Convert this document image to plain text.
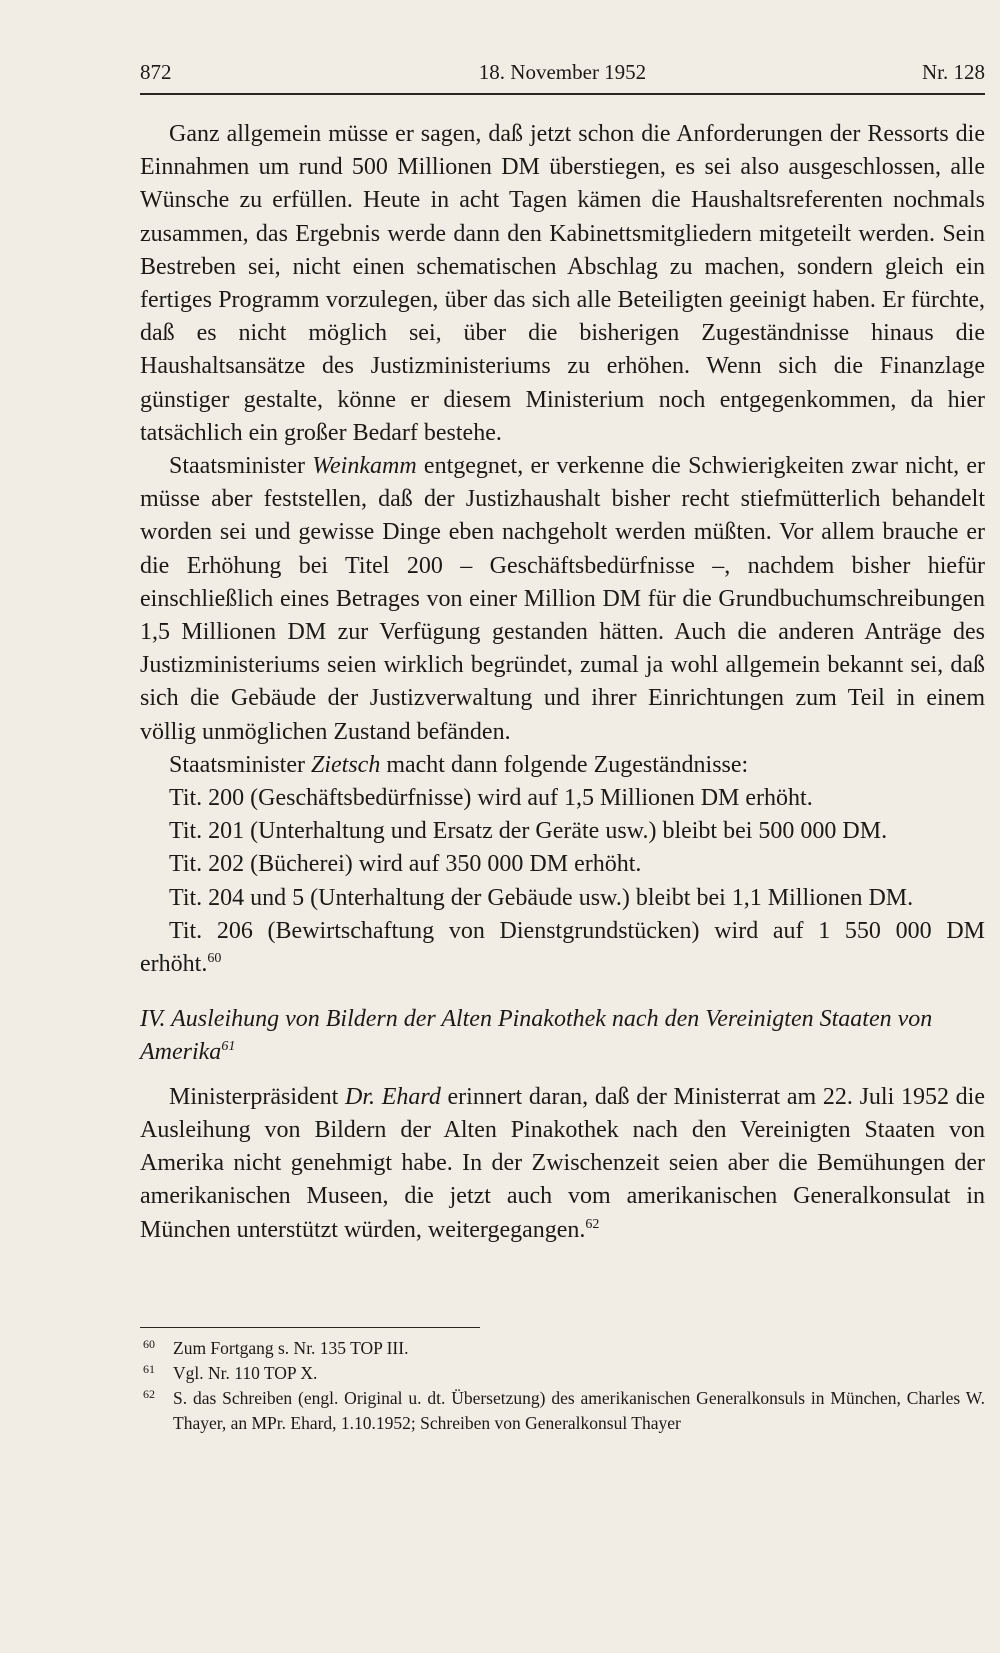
872	18. November 1952	Nr. 128

Ganz allgemein müsse er sagen, daß jetzt schon die Anforderungen der Ressorts die Einnahmen um rund 500 Millionen DM überstiegen, es sei also ausgeschlossen, alle Wünsche zu erfüllen. Heute in acht Tagen kämen die Haushaltsreferenten nochmals zusammen, das Ergebnis werde dann den Kabinettsmitgliedern mitgeteilt werden. Sein Bestreben sei, nicht einen schematischen Abschlag zu machen, sondern gleich ein fertiges Programm vorzulegen, über das sich alle Beteiligten geeinigt haben. Er fürchte, daß es nicht möglich sei, über die bisherigen Zugeständnisse hinaus die Haushaltsansätze des Justizministeriums zu erhöhen. Wenn sich die Finanzlage günstiger gestalte, könne er diesem Ministerium noch entgegenkommen, da hier tatsächlich ein großer Bedarf bestehe.

Staatsminister Weinkamm entgegnet, er verkenne die Schwierigkeiten zwar nicht, er müsse aber feststellen, daß der Justizhaushalt bisher recht stiefmütterlich behandelt worden sei und gewisse Dinge eben nachgeholt werden müßten. Vor allem brauche er die Erhöhung bei Titel 200 – Geschäftsbedürfnisse –, nachdem bisher hiefür einschließlich eines Betrages von einer Million DM für die Grundbuchumschreibungen 1,5 Millionen DM zur Verfügung gestanden hätten. Auch die anderen Anträge des Justizministeriums seien wirklich begründet, zumal ja wohl allgemein bekannt sei, daß sich die Gebäude der Justizverwaltung und ihrer Einrichtungen zum Teil in einem völlig unmöglichen Zustand befänden.

Staatsminister Zietsch macht dann folgende Zugeständnisse:

Tit. 200 (Geschäftsbedürfnisse) wird auf 1,5 Millionen DM erhöht.
Tit. 201 (Unterhaltung und Ersatz der Geräte usw.) bleibt bei 500 000 DM.
Tit. 202 (Bücherei) wird auf 350 000 DM erhöht.
Tit. 204 und 5 (Unterhaltung der Gebäude usw.) bleibt bei 1,1 Millionen DM.
Tit. 206 (Bewirtschaftung von Dienstgrundstücken) wird auf 1 550 000 DM erhöht.$^{60}$

IV. Ausleihung von Bildern der Alten Pinakothek nach den Vereinigten Staaten von Amerika$^{61}$

Ministerpräsident Dr. Ehard erinnert daran, daß der Ministerrat am 22. Juli 1952 die Ausleihung von Bildern der Alten Pinakothek nach den Vereinigten Staaten von Amerika nicht genehmigt habe. In der Zwischenzeit seien aber die Bemühungen der amerikanischen Museen, die jetzt auch vom amerikanischen Generalkonsulat in München unterstützt würden, weitergegangen.$^{62}$

60 Zum Fortgang s. Nr. 135 TOP III.
61 Vgl. Nr. 110 TOP X.
62 S. das Schreiben (engl. Original u. dt. Übersetzung) des amerikanischen Generalkonsuls in München, Charles W. Thayer, an MPr. Ehard, 1.10.1952; Schreiben von Generalkonsul Thayer
